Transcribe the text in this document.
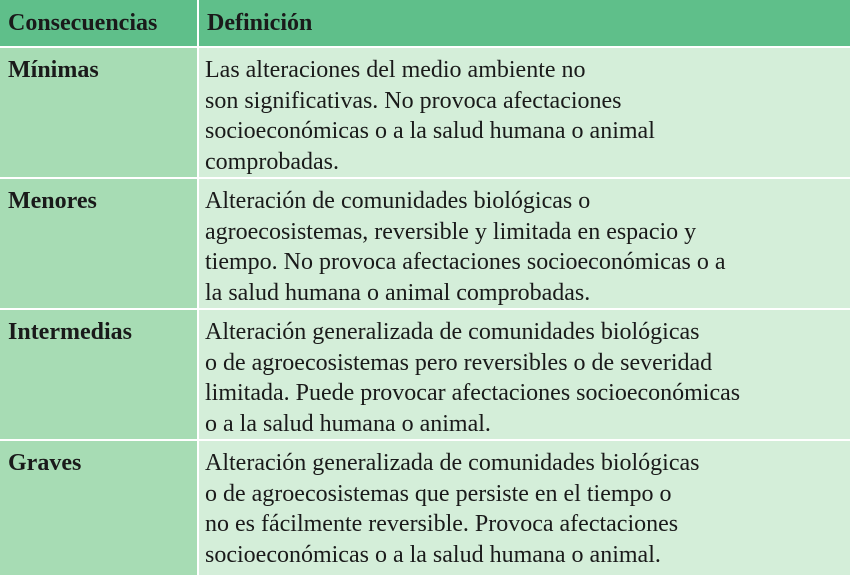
Consecuencias	Definición
Mínimas	Las alteraciones del medio ambiente no
son significativas. No provoca afectaciones
socioeconómicas o a la salud humana o animal
comprobadas.

Menores	Alteración de comunidades biológicas o
agroecosistemas, reversible y limitada en espacio y
tiempo. No provoca afectaciones socioeconómicas o a
la salud humana o animal comprobadas.

Intermedias	Alteración generalizada de comunidades biológicas
o de agroecosistemas pero reversibles o de severidad
limitada. Puede provocar afectaciones socioeconómicas
o a la salud humana o animal.

Graves	Alteración generalizada de comunidades biológicas
o de agroecosistemas que persiste en el tiempo o
no es fácilmente reversible. Provoca afectaciones
socioeconómicas o a la salud humana o animal.
